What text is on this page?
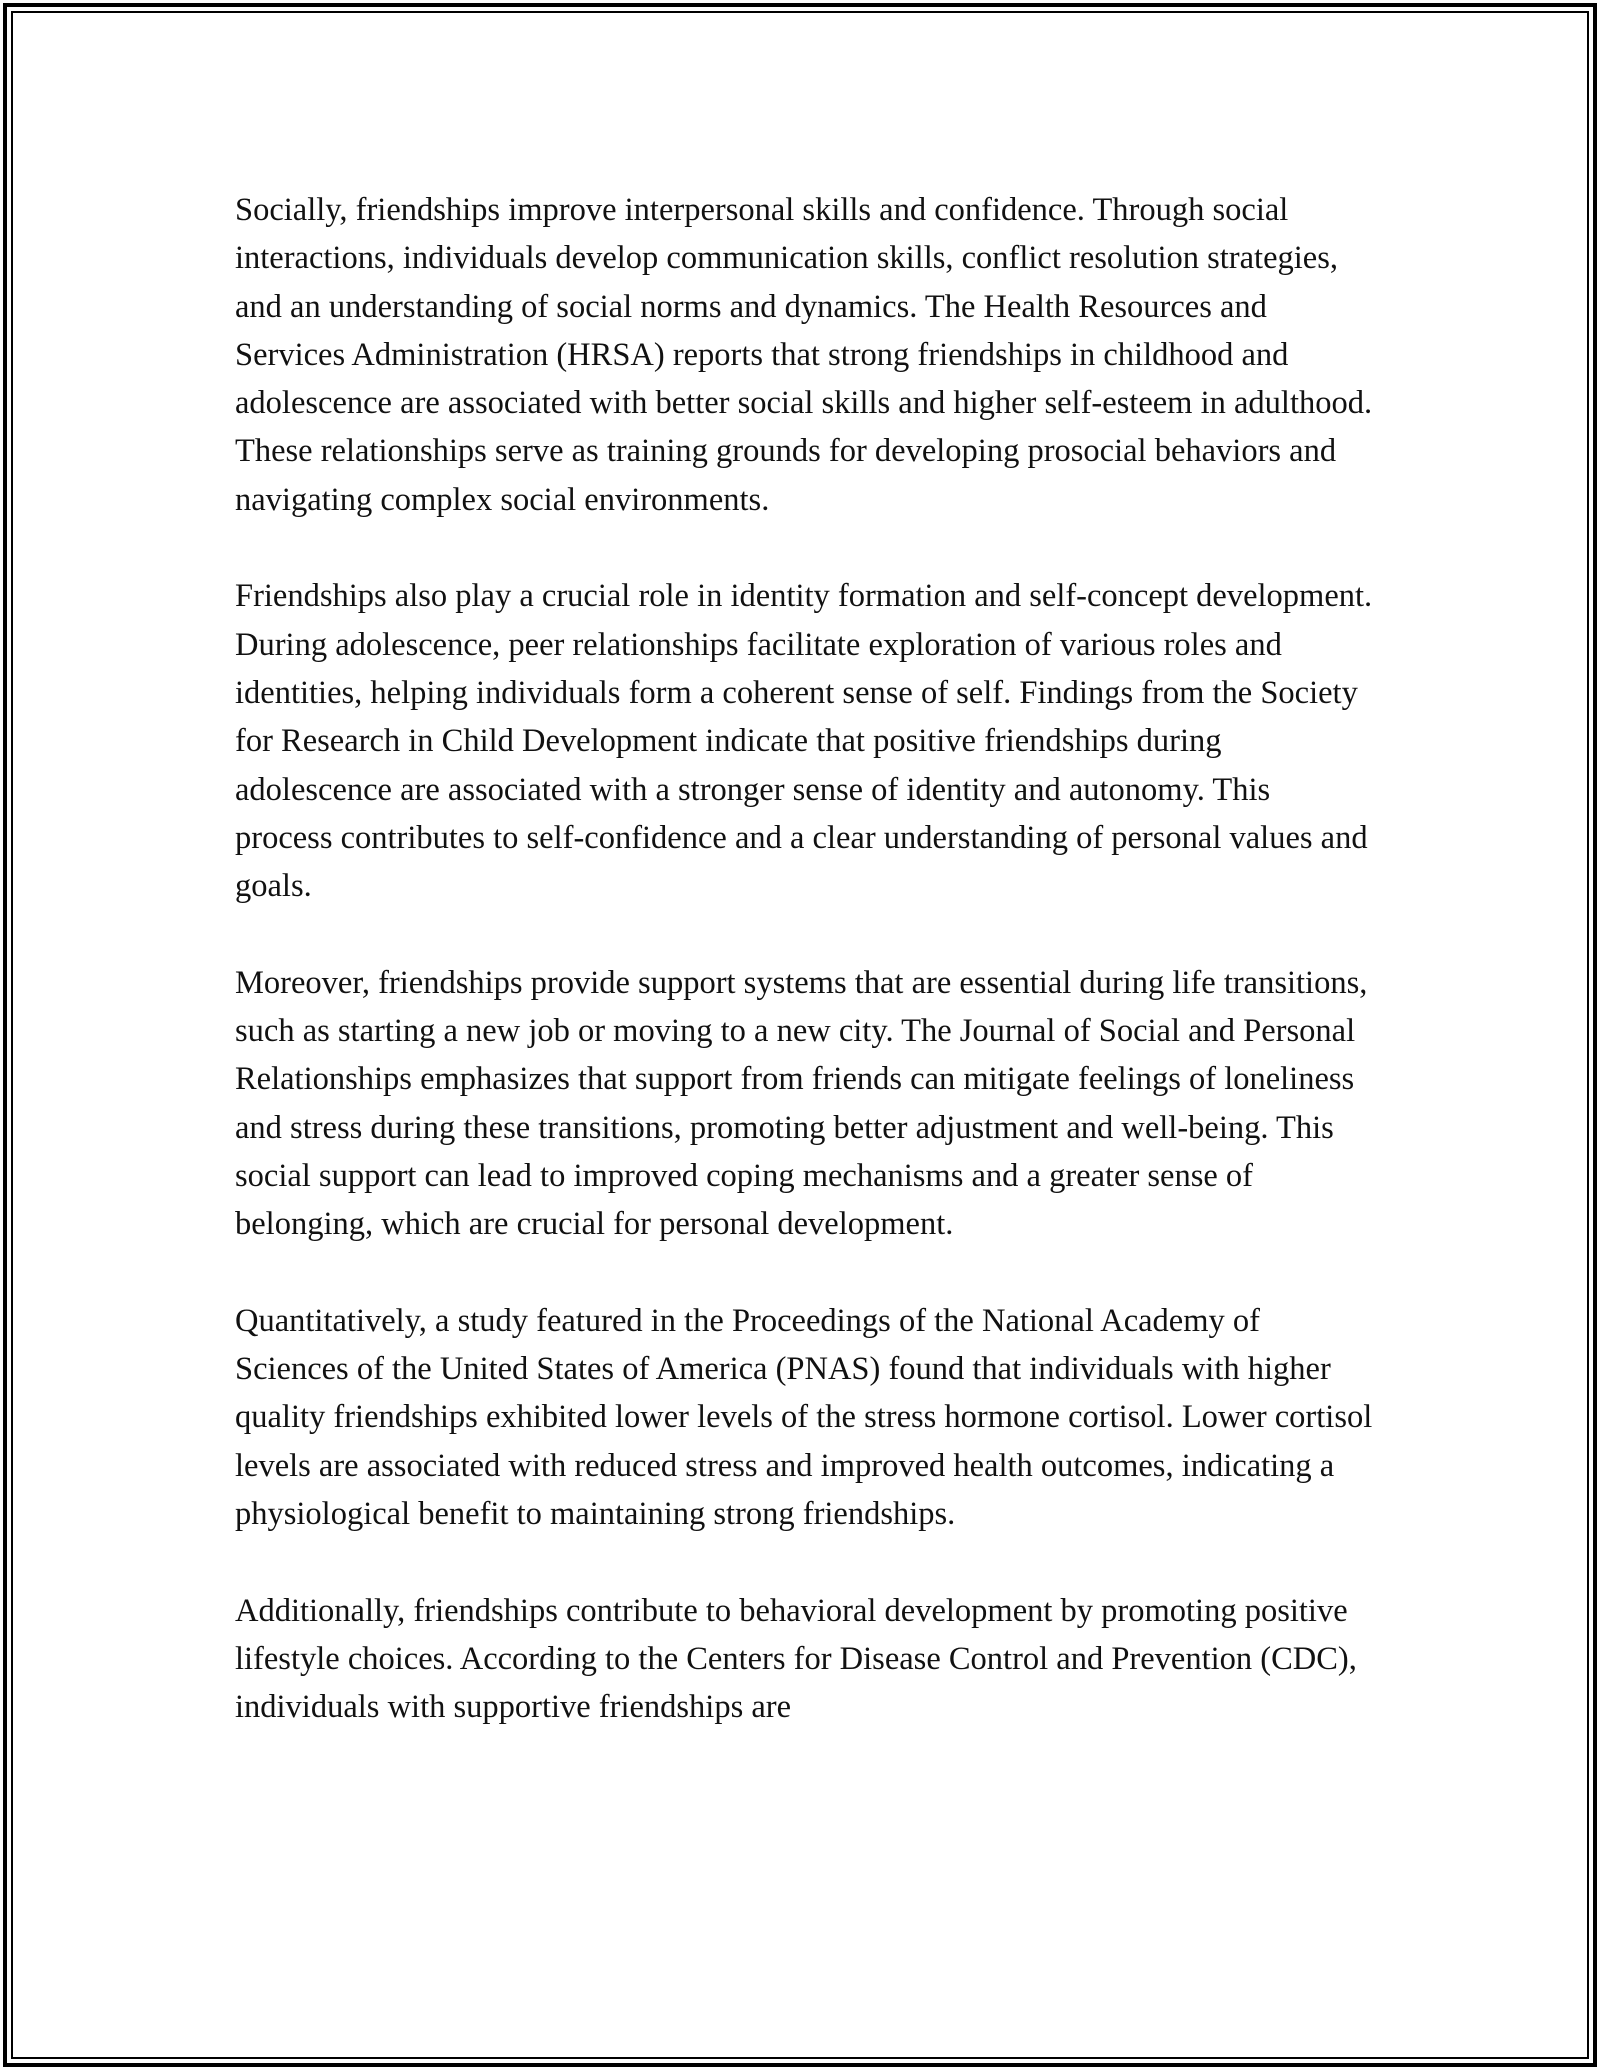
Socially, friendships improve interpersonal skills and confidence. Through social interactions, individuals develop communication skills, conflict resolution strategies, and an understanding of social norms and dynamics. The Health Resources and Services Administration (HRSA) reports that strong friendships in childhood and adolescence are associated with better social skills and higher self-esteem in adulthood. These relationships serve as training grounds for developing prosocial behaviors and navigating complex social environments.

Friendships also play a crucial role in identity formation and self-concept development. During adolescence, peer relationships facilitate exploration of various roles and identities, helping individuals form a coherent sense of self. Findings from the Society for Research in Child Development indicate that positive friendships during adolescence are associated with a stronger sense of identity and autonomy. This process contributes to self-confidence and a clear understanding of personal values and goals.

Moreover, friendships provide support systems that are essential during life transitions, such as starting a new job or moving to a new city. The Journal of Social and Personal Relationships emphasizes that support from friends can mitigate feelings of loneliness and stress during these transitions, promoting better adjustment and well-being. This social support can lead to improved coping mechanisms and a greater sense of belonging, which are crucial for personal development.

Quantitatively, a study featured in the Proceedings of the National Academy of Sciences of the United States of America (PNAS) found that individuals with higher quality friendships exhibited lower levels of the stress hormone cortisol. Lower cortisol levels are associated with reduced stress and improved health outcomes, indicating a physiological benefit to maintaining strong friendships.

Additionally, friendships contribute to behavioral development by promoting positive lifestyle choices. According to the Centers for Disease Control and Prevention (CDC), individuals with supportive friendships are
